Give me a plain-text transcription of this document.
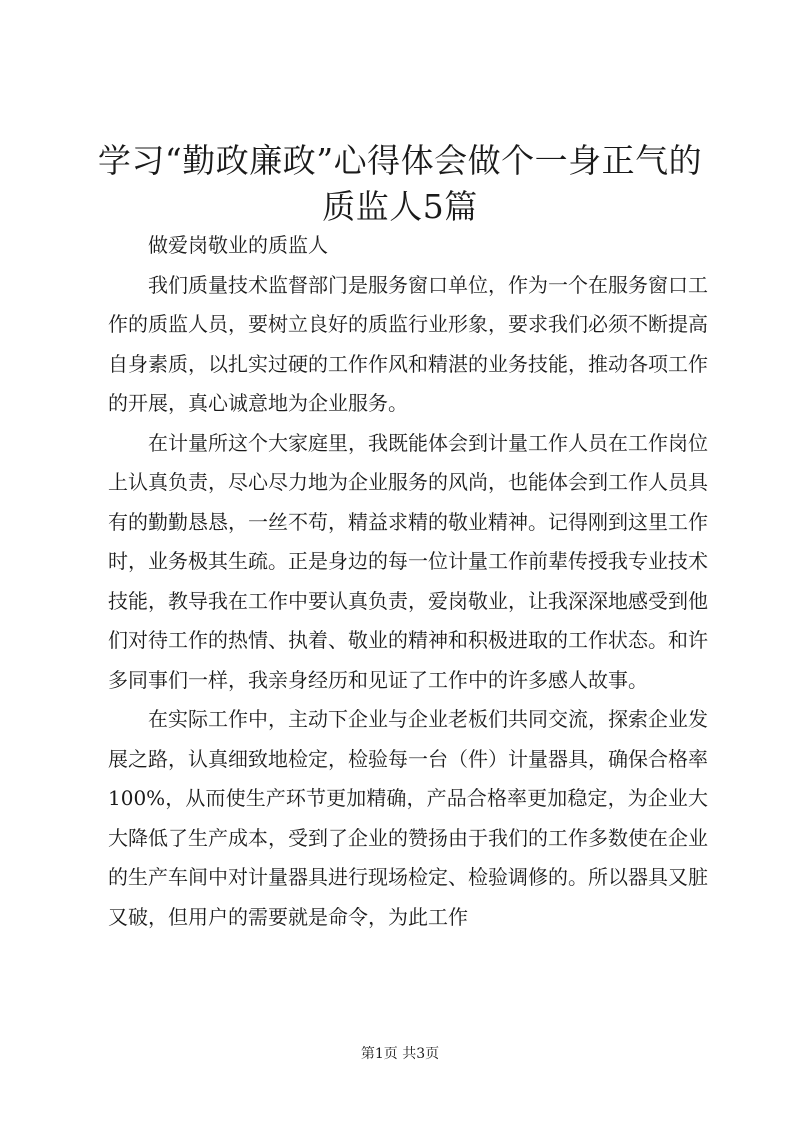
学习“勤政廉政”心得体会做个一身正气的质监人5篇

做爱岗敬业的质监人

我们质量技术监督部门是服务窗口单位，作为一个在服务窗口工作的质监人员，要树立良好的质监行业形象，要求我们必须不断提高自身素质，以扎实过硬的工作作风和精湛的业务技能，推动各项工作的开展，真心诚意地为企业服务。

在计量所这个大家庭里，我既能体会到计量工作人员在工作岗位上认真负责，尽心尽力地为企业服务的风尚，也能体会到工作人员具有的勤勤恳恳，一丝不苟，精益求精的敬业精神。记得刚到这里工作时，业务极其生疏。正是身边的每一位计量工作前辈传授我专业技术技能，教导我在工作中要认真负责，爱岗敬业，让我深深地感受到他们对待工作的热情、执着、敬业的精神和积极进取的工作状态。和许多同事们一样，我亲身经历和见证了工作中的许多感人故事。

在实际工作中，主动下企业与企业老板们共同交流，探索企业发展之路，认真细致地检定，检验每一台（件）计量器具，确保合格率100%，从而使生产环节更加精确，产品合格率更加稳定，为企业大大降低了生产成本，受到了企业的赞扬由于我们的工作多数使在企业的生产车间中对计量器具进行现场检定、检验调修的。所以器具又脏又破，但用户的需要就是命令，为此工作

第1页 共3页
